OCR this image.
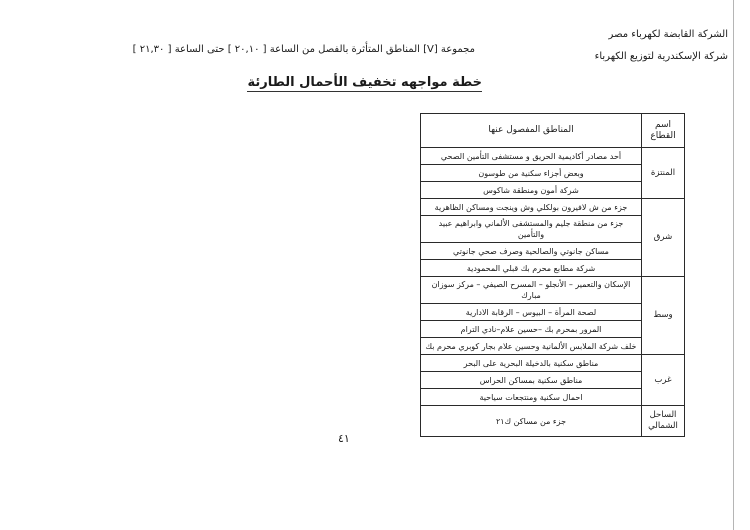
الشركة القابضة لكهرباء مصر
شركة الإسكندرية لتوزيع الكهرباء
مجموعة [V] المناطق المتأثرة بالفصل من الساعة [ ٢٠,١٠ ] حتى الساعة [ ٢١,٣٠ ]
خطة مواجهه تخفيف الأحمال الطارئة
اسم القطاع	المناطق المفصول عنها
المنتزة	أحد مصادر أكاديمية الحريق و مستشفى التأمين الصحي
	وبعض أجزاء سكنية من طوسون
	شركة أمون ومنطقة شاكوس
شرق	جزء من ش لافيرون بولكلي وش وينجت ومساكن الظاهرية
	جزء من منطقة جليم والمستشفى الألماني وابراهيم عبيد والتأمين
	مساكن جانوتي والصالحية وصرف صحي جانوتي
	شركة مطابع محرم بك قبلي المحمودية
وسط	الإسكان والتعمير – الأنجلو – المسرح الصيفي – مركز سوزان مبارك
	لصحة المرأة – البيوس – الرقابة الادارية
	المرور بمحرم بك –حسين علام–نادي الترام
	خلف شركة الملابس الألمانية وحسين علام بجار كوبري محرم بك
غرب	مناطق سكنية بالدخيلة البحرية على البحر
	مناطق سكنية بمساكن الحراس
	احمال سكنية ومنتجعات سياحية
الساحل الشمالي	جزء من مساكن ك٢١
٤١
